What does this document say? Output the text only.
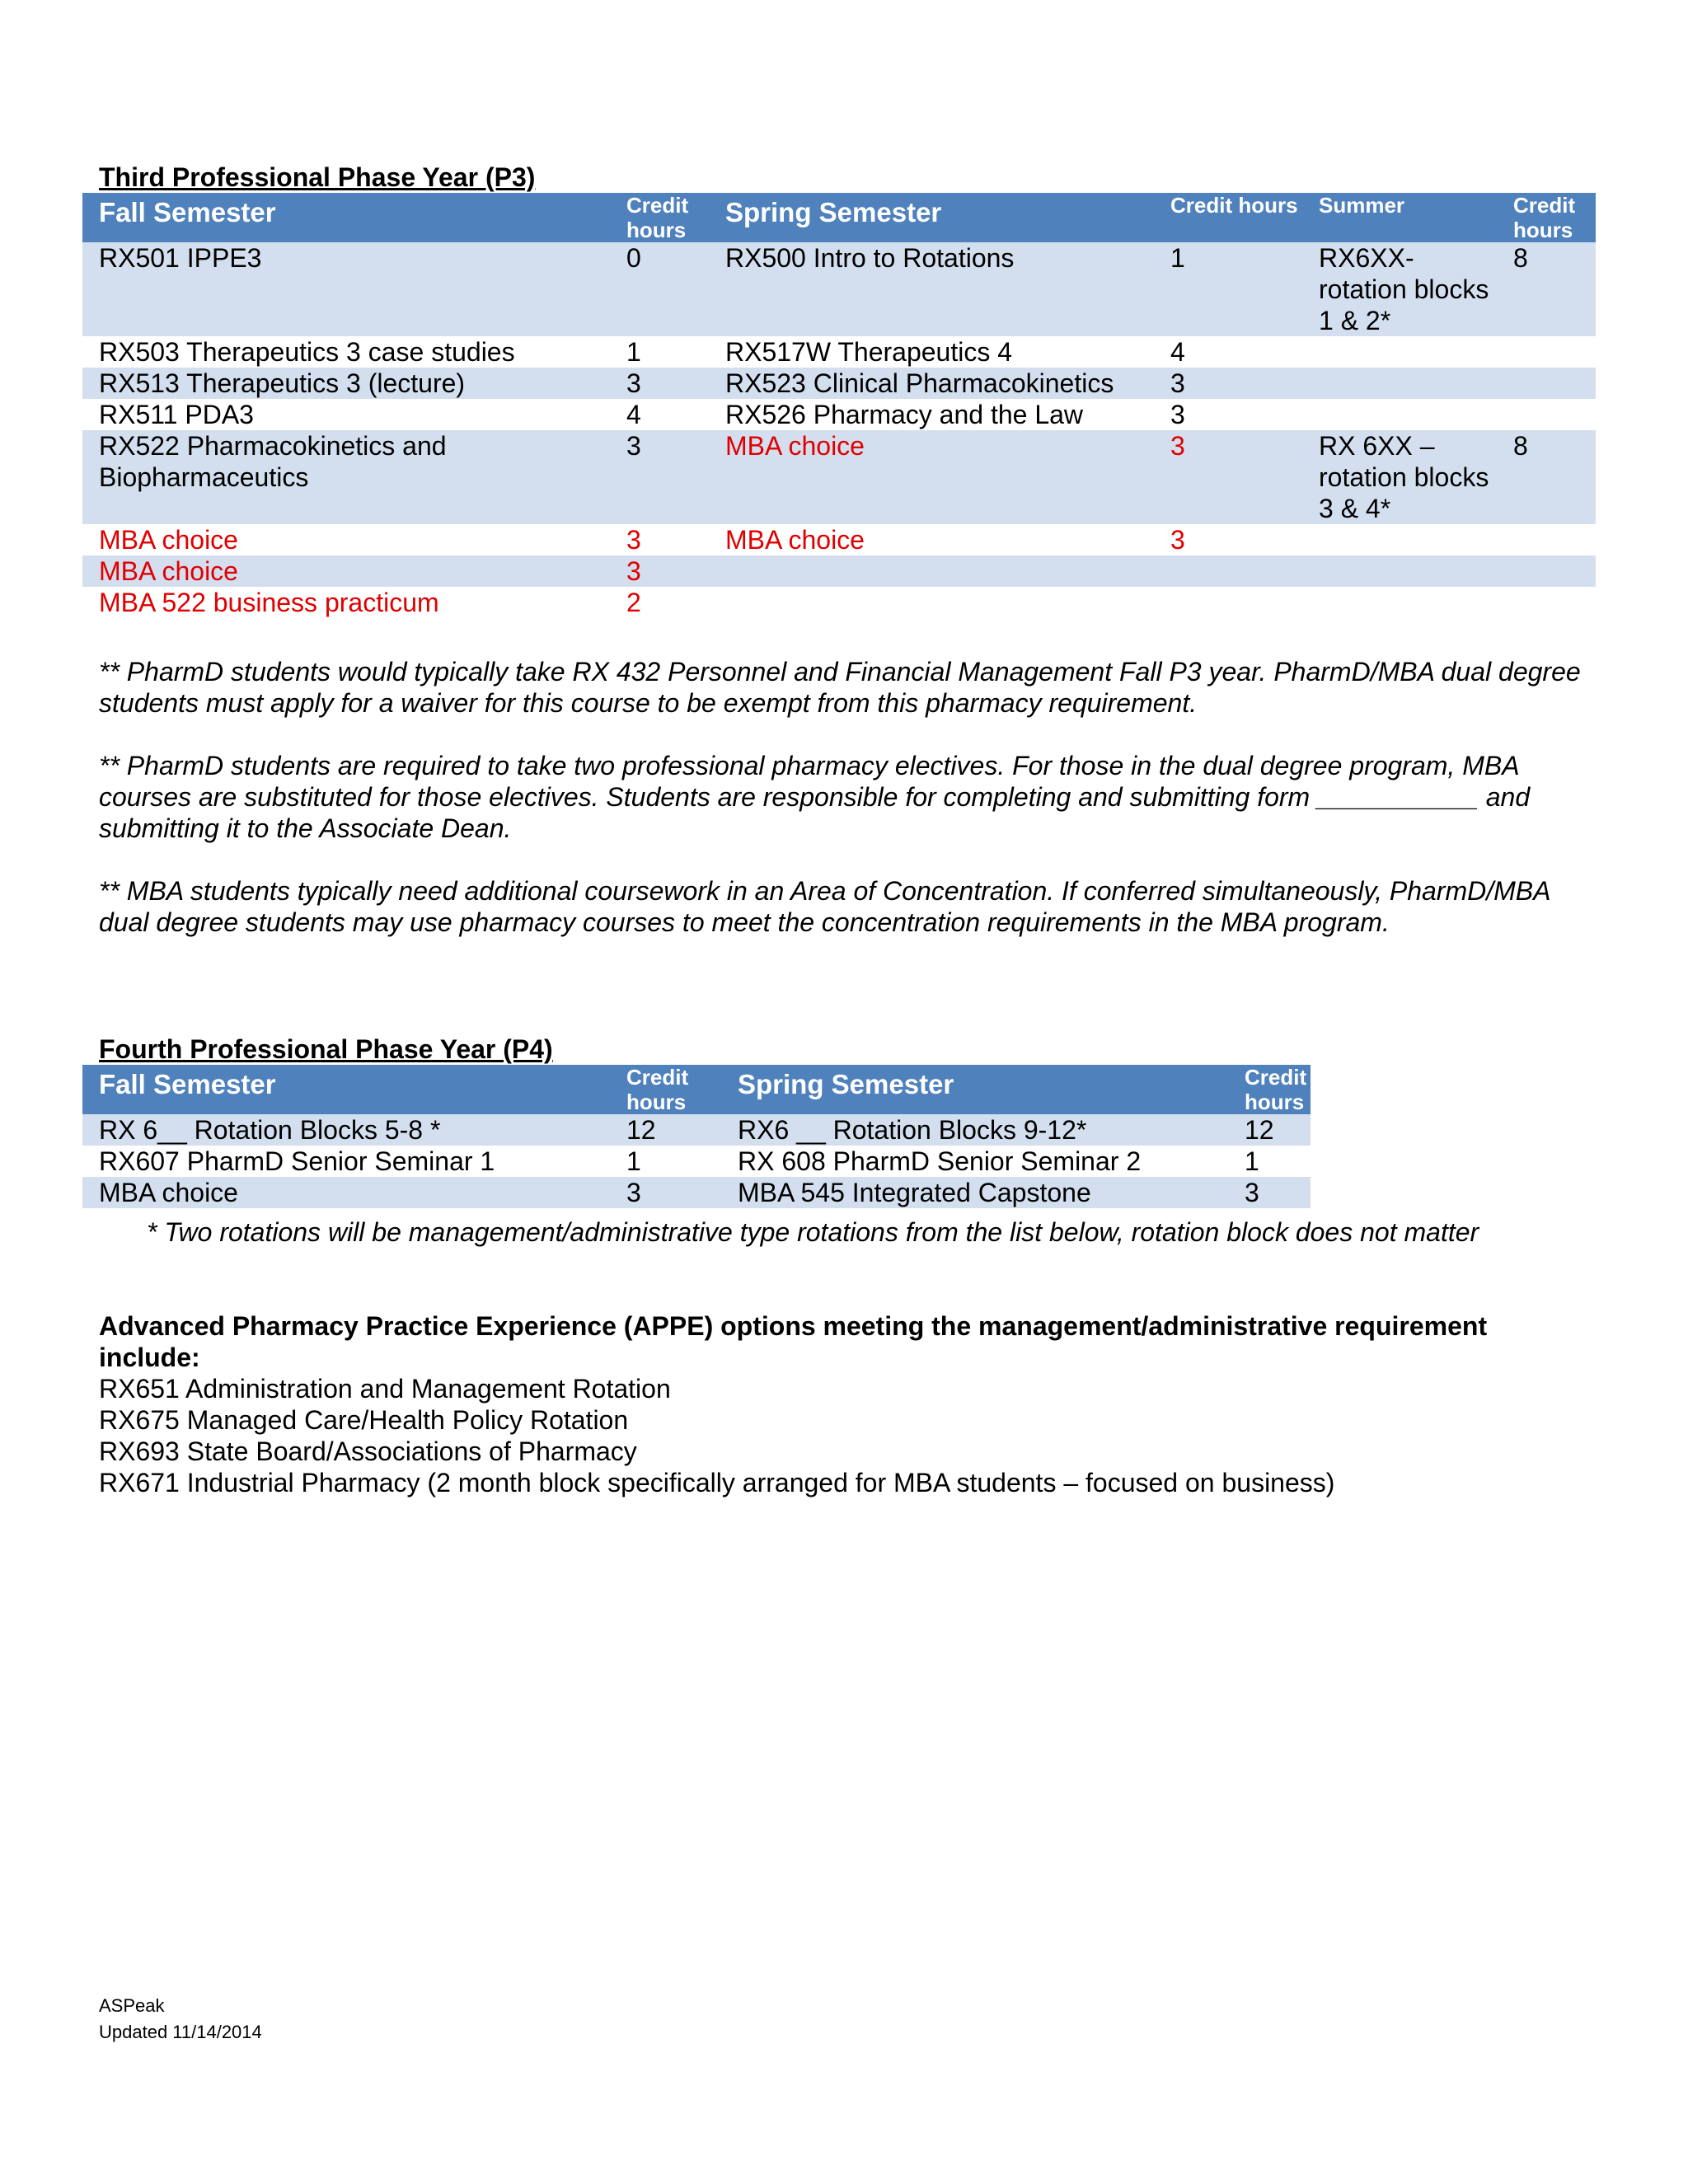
Third Professional Phase Year (P3)
Fall Semester	Credit hours	Spring Semester	Credit hours	Summer	Credit hours
RX501 IPPE3	0	RX500 Intro to Rotations	1	RX6XX- rotation blocks 1 & 2*	8
RX503 Therapeutics 3 case studies	1	RX517W Therapeutics 4	4		
RX513 Therapeutics 3 (lecture)	3	RX523 Clinical Pharmacokinetics	3		
RX511 PDA3	4	RX526 Pharmacy and the Law	3		
RX522 Pharmacokinetics and Biopharmaceutics	3	MBA choice	3	RX 6XX – rotation blocks 3 & 4*	8
MBA choice	3	MBA choice	3		
MBA choice	3				
MBA 522 business practicum	2				

** PharmD students would typically take RX 432 Personnel and Financial Management Fall P3 year. PharmD/MBA dual degree students must apply for a waiver for this course to be exempt from this pharmacy requirement.

** PharmD students are required to take two professional pharmacy electives. For those in the dual degree program, MBA courses are substituted for those electives. Students are responsible for completing and submitting form ___________ and submitting it to the Associate Dean.

** MBA students typically need additional coursework in an Area of Concentration. If conferred simultaneously, PharmD/MBA dual degree students may use pharmacy courses to meet the concentration requirements in the MBA program.

Fourth Professional Phase Year (P4)
Fall Semester	Credit hours	Spring Semester	Credit hours
RX 6__ Rotation Blocks 5-8 *	12	RX6 __ Rotation Blocks 9-12*	12
RX607 PharmD Senior Seminar 1	1	RX 608 PharmD Senior Seminar 2	1
MBA choice	3	MBA 545 Integrated Capstone	3
* Two rotations will be management/administrative type rotations from the list below, rotation block does not matter

Advanced Pharmacy Practice Experience (APPE) options meeting the management/administrative requirement include:

RX651 Administration and Management Rotation

RX675 Managed Care/Health Policy Rotation

RX693 State Board/Associations of Pharmacy

RX671 Industrial Pharmacy (2 month block specifically arranged for MBA students – focused on business)

ASPeak
Updated 11/14/2014
